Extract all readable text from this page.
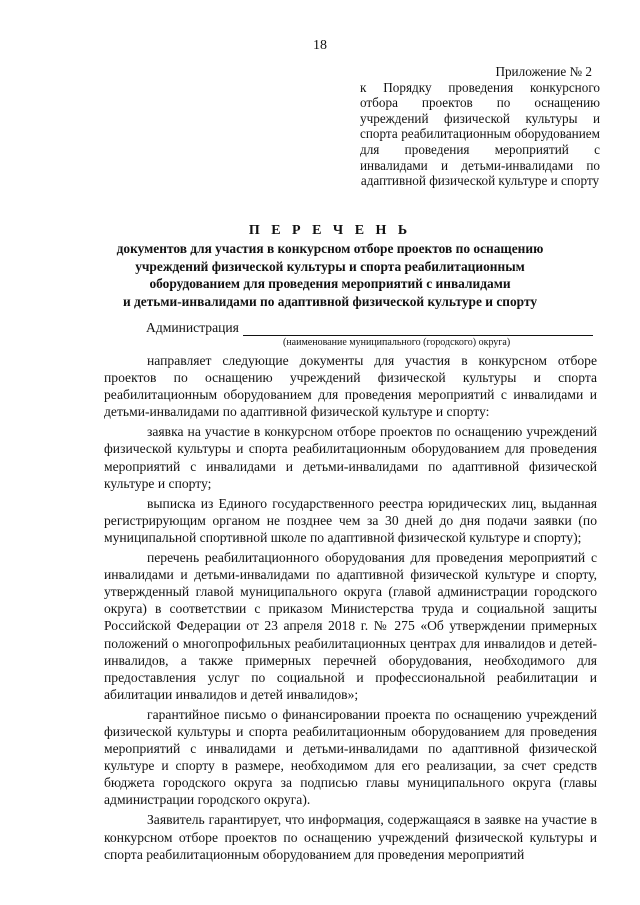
18
Приложение № 2
к Порядку проведения конкурсного отбора проектов по оснащению учреждений физической культуры и спорта реабилитационным оборудованием для проведения мероприятий с инвалидами и детьми-инвалидами по адаптивной физической культуре и спорту
П Е Р Е Ч Е Н Ь
документов для участия в конкурсном отборе проектов по оснащению
учреждений физической культуры и спорта реабилитационным
оборудованием для проведения мероприятий с инвалидами
и детьми-инвалидами по адаптивной физической культуре и спорту
Администрация
(наименование муниципального (городского) округа)

направляет следующие документы для участия в конкурсном отборе проектов по оснащению учреждений физической культуры и спорта реабилитационным оборудованием для проведения мероприятий с инвалидами и детьми-инвалидами по адаптивной физической культуре и спорту:

заявка на участие в конкурсном отборе проектов по оснащению учреждений физической культуры и спорта реабилитационным оборудованием для проведения мероприятий с инвалидами и детьми-инвалидами по адаптивной физической культуре и спорту;

выписка из Единого государственного реестра юридических лиц, выданная регистрирующим органом не позднее чем за 30 дней до дня подачи заявки (по муниципальной спортивной школе по адаптивной физической культуре и спорту);

перечень реабилитационного оборудования для проведения мероприятий с инвалидами и детьми-инвалидами по адаптивной физической культуре и спорту, утвержденный главой муниципального округа (главой администрации городского округа) в соответствии с приказом Министерства труда и социальной защиты Российской Федерации от 23 апреля 2018 г. № 275 «Об утверждении примерных положений о многопрофильных реабилитационных центрах для инвалидов и детей-инвалидов, а также примерных перечней оборудования, необходимого для предоставления услуг по социальной и профессиональной реабилитации и абилитации инвалидов и детей инвалидов»;

гарантийное письмо о финансировании проекта по оснащению учреждений физической культуры и спорта реабилитационным оборудованием для проведения мероприятий с инвалидами и детьми-инвалидами по адаптивной физической культуре и спорту в размере, необходимом для его реализации, за счет средств бюджета городского округа за подписью главы муниципального округа (главы администрации городского округа).

Заявитель гарантирует, что информация, содержащаяся в заявке на участие в конкурсном отборе проектов по оснащению учреждений физической культуры и спорта реабилитационным оборудованием для проведения мероприятий
